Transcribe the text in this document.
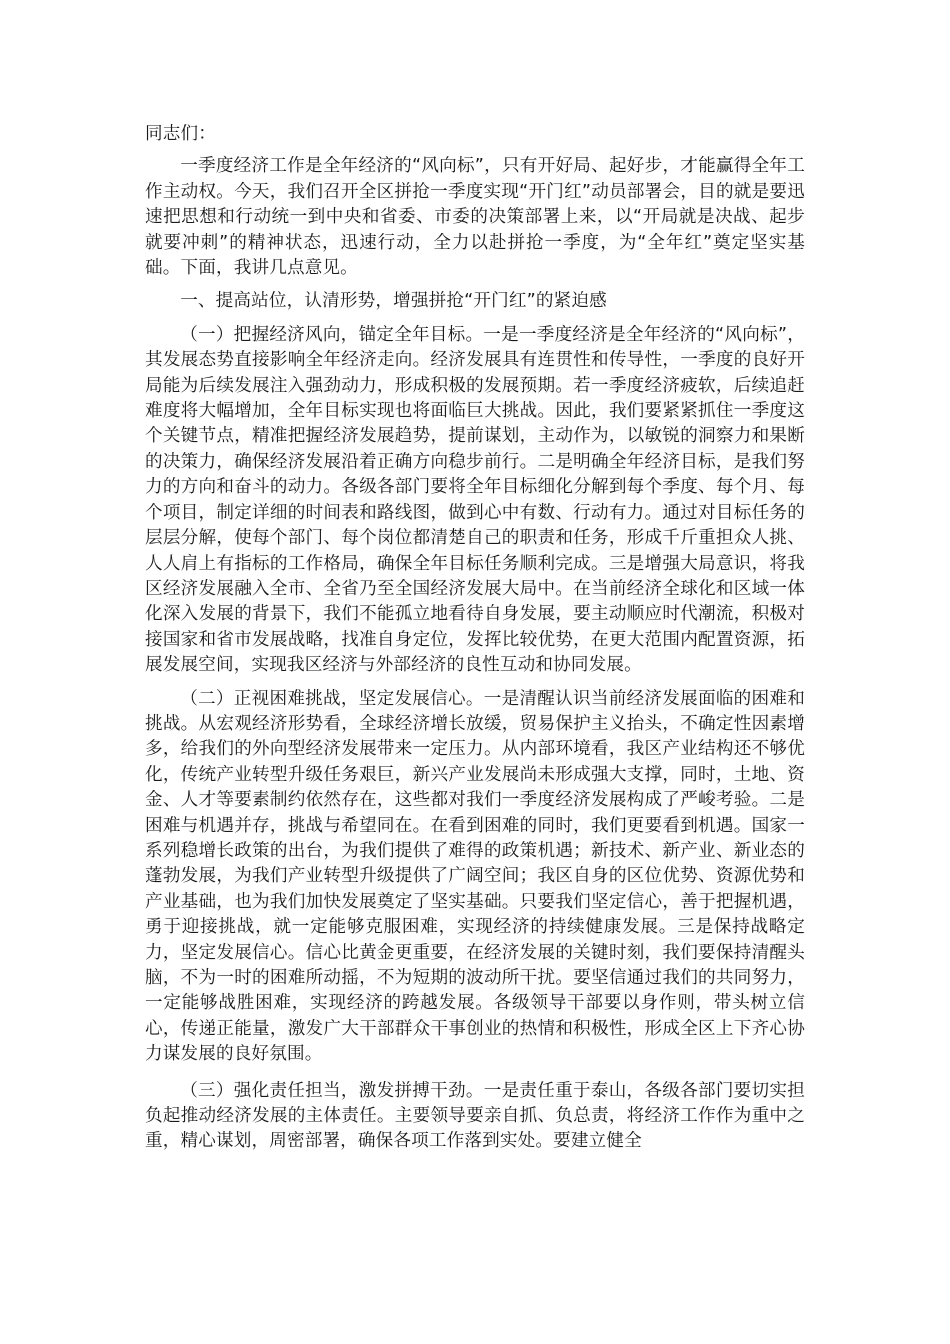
同志们：

一季度经济工作是全年经济的“风向标”，只有开好局、起好步，才能赢得全年工作主动权。今天，我们召开全区拼抢一季度实现“开门红”动员部署会，目的就是要迅速把思想和行动统一到中央和省委、市委的决策部署上来，以“开局就是决战、起步就要冲刺”的精神状态，迅速行动，全力以赴拼抢一季度，为“全年红”奠定坚实基础。下面，我讲几点意见。

一、提高站位，认清形势，增强拼抢“开门红”的紧迫感

（一）把握经济风向，锚定全年目标。一是一季度经济是全年经济的“风向标”，其发展态势直接影响全年经济走向。经济发展具有连贯性和传导性，一季度的良好开局能为后续发展注入强劲动力，形成积极的发展预期。若一季度经济疲软，后续追赶难度将大幅增加，全年目标实现也将面临巨大挑战。因此，我们要紧紧抓住一季度这个关键节点，精准把握经济发展趋势，提前谋划，主动作为，以敏锐的洞察力和果断的决策力，确保经济发展沿着正确方向稳步前行。二是明确全年经济目标，是我们努力的方向和奋斗的动力。各级各部门要将全年目标细化分解到每个季度、每个月、每个项目，制定详细的时间表和路线图，做到心中有数、行动有力。通过对目标任务的层层分解，使每个部门、每个岗位都清楚自己的职责和任务，形成千斤重担众人挑、人人肩上有指标的工作格局，确保全年目标任务顺利完成。三是增强大局意识，将我区经济发展融入全市、全省乃至全国经济发展大局中。在当前经济全球化和区域一体化深入发展的背景下，我们不能孤立地看待自身发展，要主动顺应时代潮流，积极对接国家和省市发展战略，找准自身定位，发挥比较优势，在更大范围内配置资源，拓展发展空间，实现我区经济与外部经济的良性互动和协同发展。

（二）正视困难挑战，坚定发展信心。一是清醒认识当前经济发展面临的困难和挑战。从宏观经济形势看，全球经济增长放缓，贸易保护主义抬头，不确定性因素增多，给我们的外向型经济发展带来一定压力。从内部环境看，我区产业结构还不够优化，传统产业转型升级任务艰巨，新兴产业发展尚未形成强大支撑，同时，土地、资金、人才等要素制约依然存在，这些都对我们一季度经济发展构成了严峻考验。二是困难与机遇并存，挑战与希望同在。在看到困难的同时，我们更要看到机遇。国家一系列稳增长政策的出台，为我们提供了难得的政策机遇；新技术、新产业、新业态的蓬勃发展，为我们产业转型升级提供了广阔空间；我区自身的区位优势、资源优势和产业基础，也为我们加快发展奠定了坚实基础。只要我们坚定信心，善于把握机遇，勇于迎接挑战，就一定能够克服困难，实现经济的持续健康发展。三是保持战略定力，坚定发展信心。信心比黄金更重要，在经济发展的关键时刻，我们要保持清醒头脑，不为一时的困难所动摇，不为短期的波动所干扰。要坚信通过我们的共同努力，一定能够战胜困难，实现经济的跨越发展。各级领导干部要以身作则，带头树立信心，传递正能量，激发广大干部群众干事创业的热情和积极性，形成全区上下齐心协力谋发展的良好氛围。

（三）强化责任担当，激发拼搏干劲。一是责任重于泰山，各级各部门要切实担负起推动经济发展的主体责任。主要领导要亲自抓、负总责，将经济工作作为重中之重，精心谋划，周密部署，确保各项工作落到实处。要建立健全
